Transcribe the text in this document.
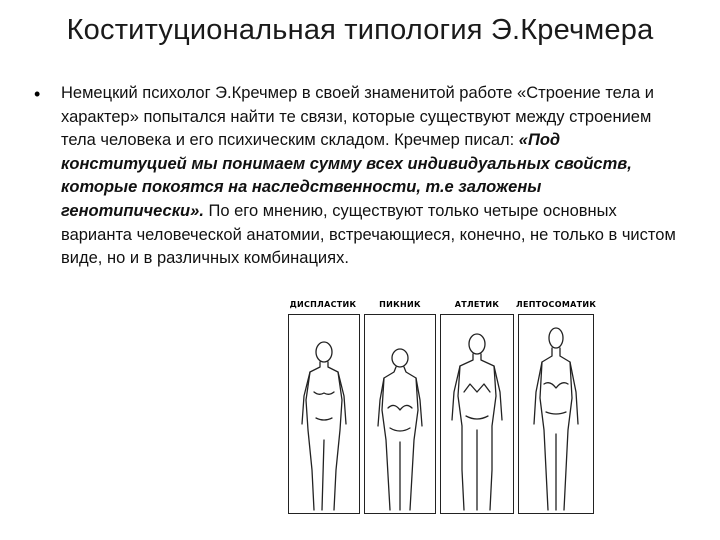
Коституциональная типология Э.Кречмера
• Немецкий психолог Э.Кречмер в своей знаменитой работе «Строение тела и характер» попытался найти те связи, которые существуют между строением тела человека и его психическим складом. Кречмер писал: «Под конституцией мы понимаем сумму всех индивидуальных свойств, которые покоятся на наследственности, т.е заложены генотипически». По его мнению, существуют только четыре основных варианта человеческой анатомии, встречающиеся, конечно, не только в чистом виде, но и в различных комбинациях.
ДИСПЛАСТИК	ПИКНИК	АТЛЕТИК	ЛЕПТОСОМАТИК
